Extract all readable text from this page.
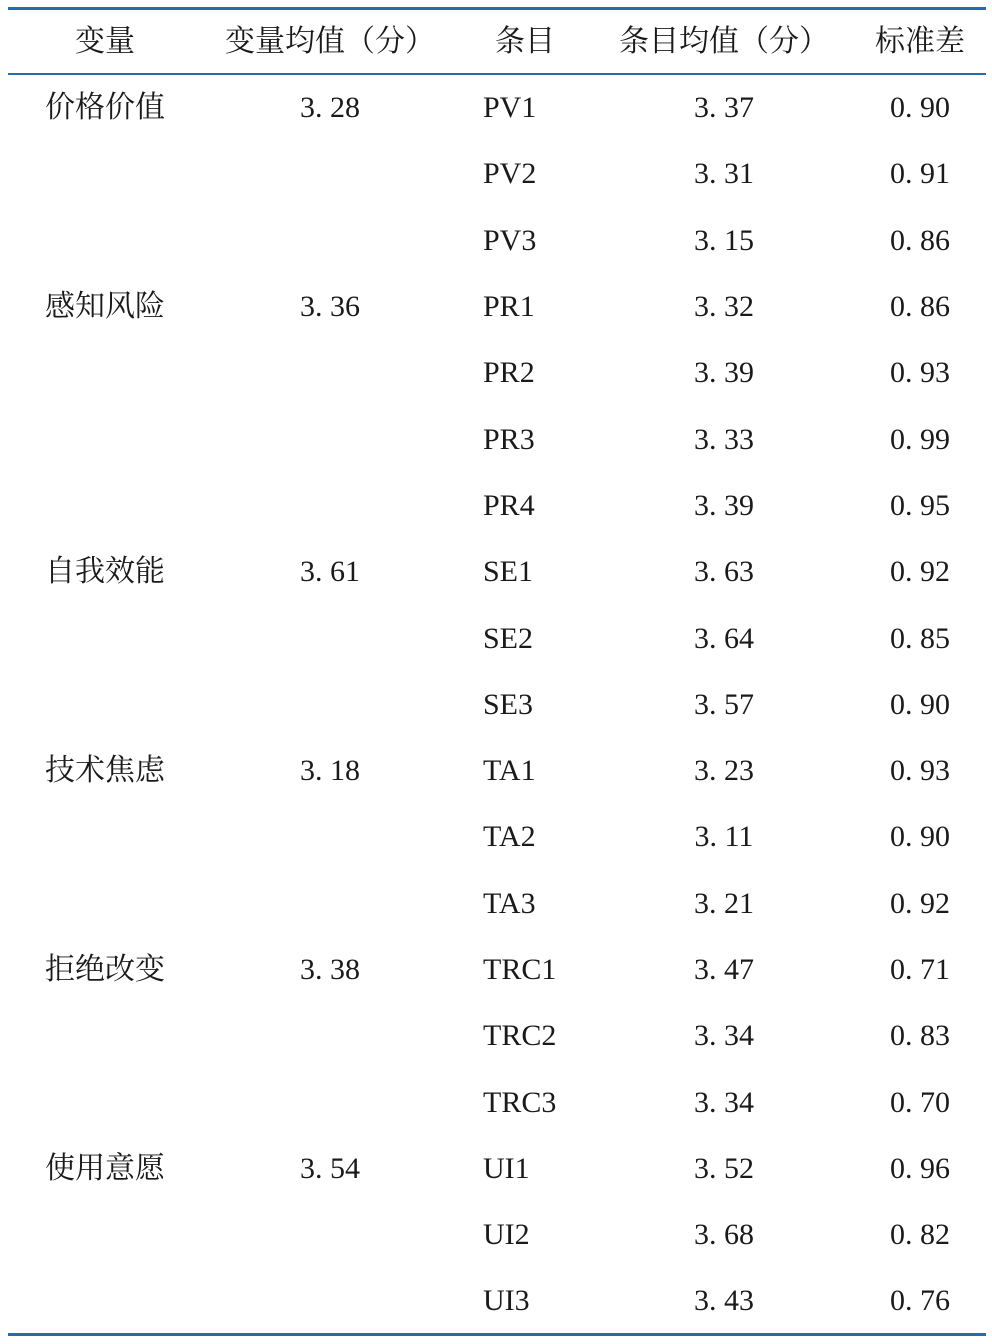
变量	变量均值（分）	条目	条目均值（分）	标准差
价格价值	3. 28	PV1	3. 37	0. 90
PV2	3. 31	0. 91
PV3	3. 15	0. 86
感知风险	3. 36	PR1	3. 32	0. 86
PR2	3. 39	0. 93
PR3	3. 33	0. 99
PR4	3. 39	0. 95
自我效能	3. 61	SE1	3. 63	0. 92
SE2	3. 64	0. 85
SE3	3. 57	0. 90
技术焦虑	3. 18	TA1	3. 23	0. 93
TA2	3. 11	0. 90
TA3	3. 21	0. 92
拒绝改变	3. 38	TRC1	3. 47	0. 71
TRC2	3. 34	0. 83
TRC3	3. 34	0. 70
使用意愿	3. 54	UI1	3. 52	0. 96
UI2	3. 68	0. 82
UI3	3. 43	0. 76
